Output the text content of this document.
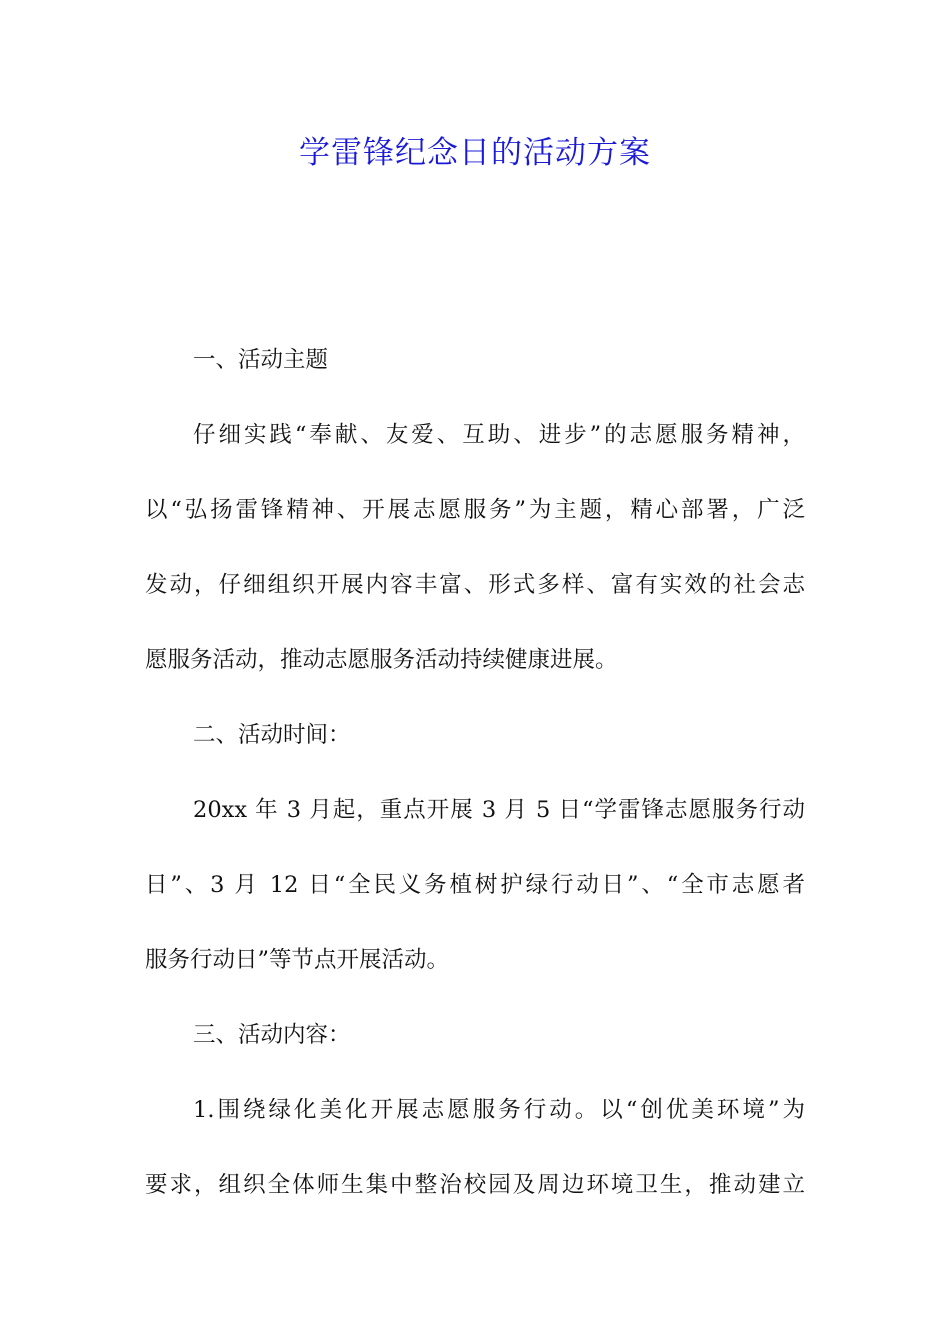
学雷锋纪念日的活动方案
一、活动主题
仔细实践“奉献、友爱、互助、进步”的志愿服务精神，
以“弘扬雷锋精神、开展志愿服务”为主题，精心部署，广泛
发动，仔细组织开展内容丰富、形式多样、富有实效的社会志
愿服务活动，推动志愿服务活动持续健康进展。
二、活动时间：
20xx 年 3 月起，重点开展 3 月 5 日“学雷锋志愿服务行动
日”、3 月 12 日“全民义务植树护绿行动日”、“全市志愿者
服务行动日”等节点开展活动。
三、活动内容：
1.围绕绿化美化开展志愿服务行动。以“创优美环境”为
要求，组织全体师生集中整治校园及周边环境卫生，推动建立
